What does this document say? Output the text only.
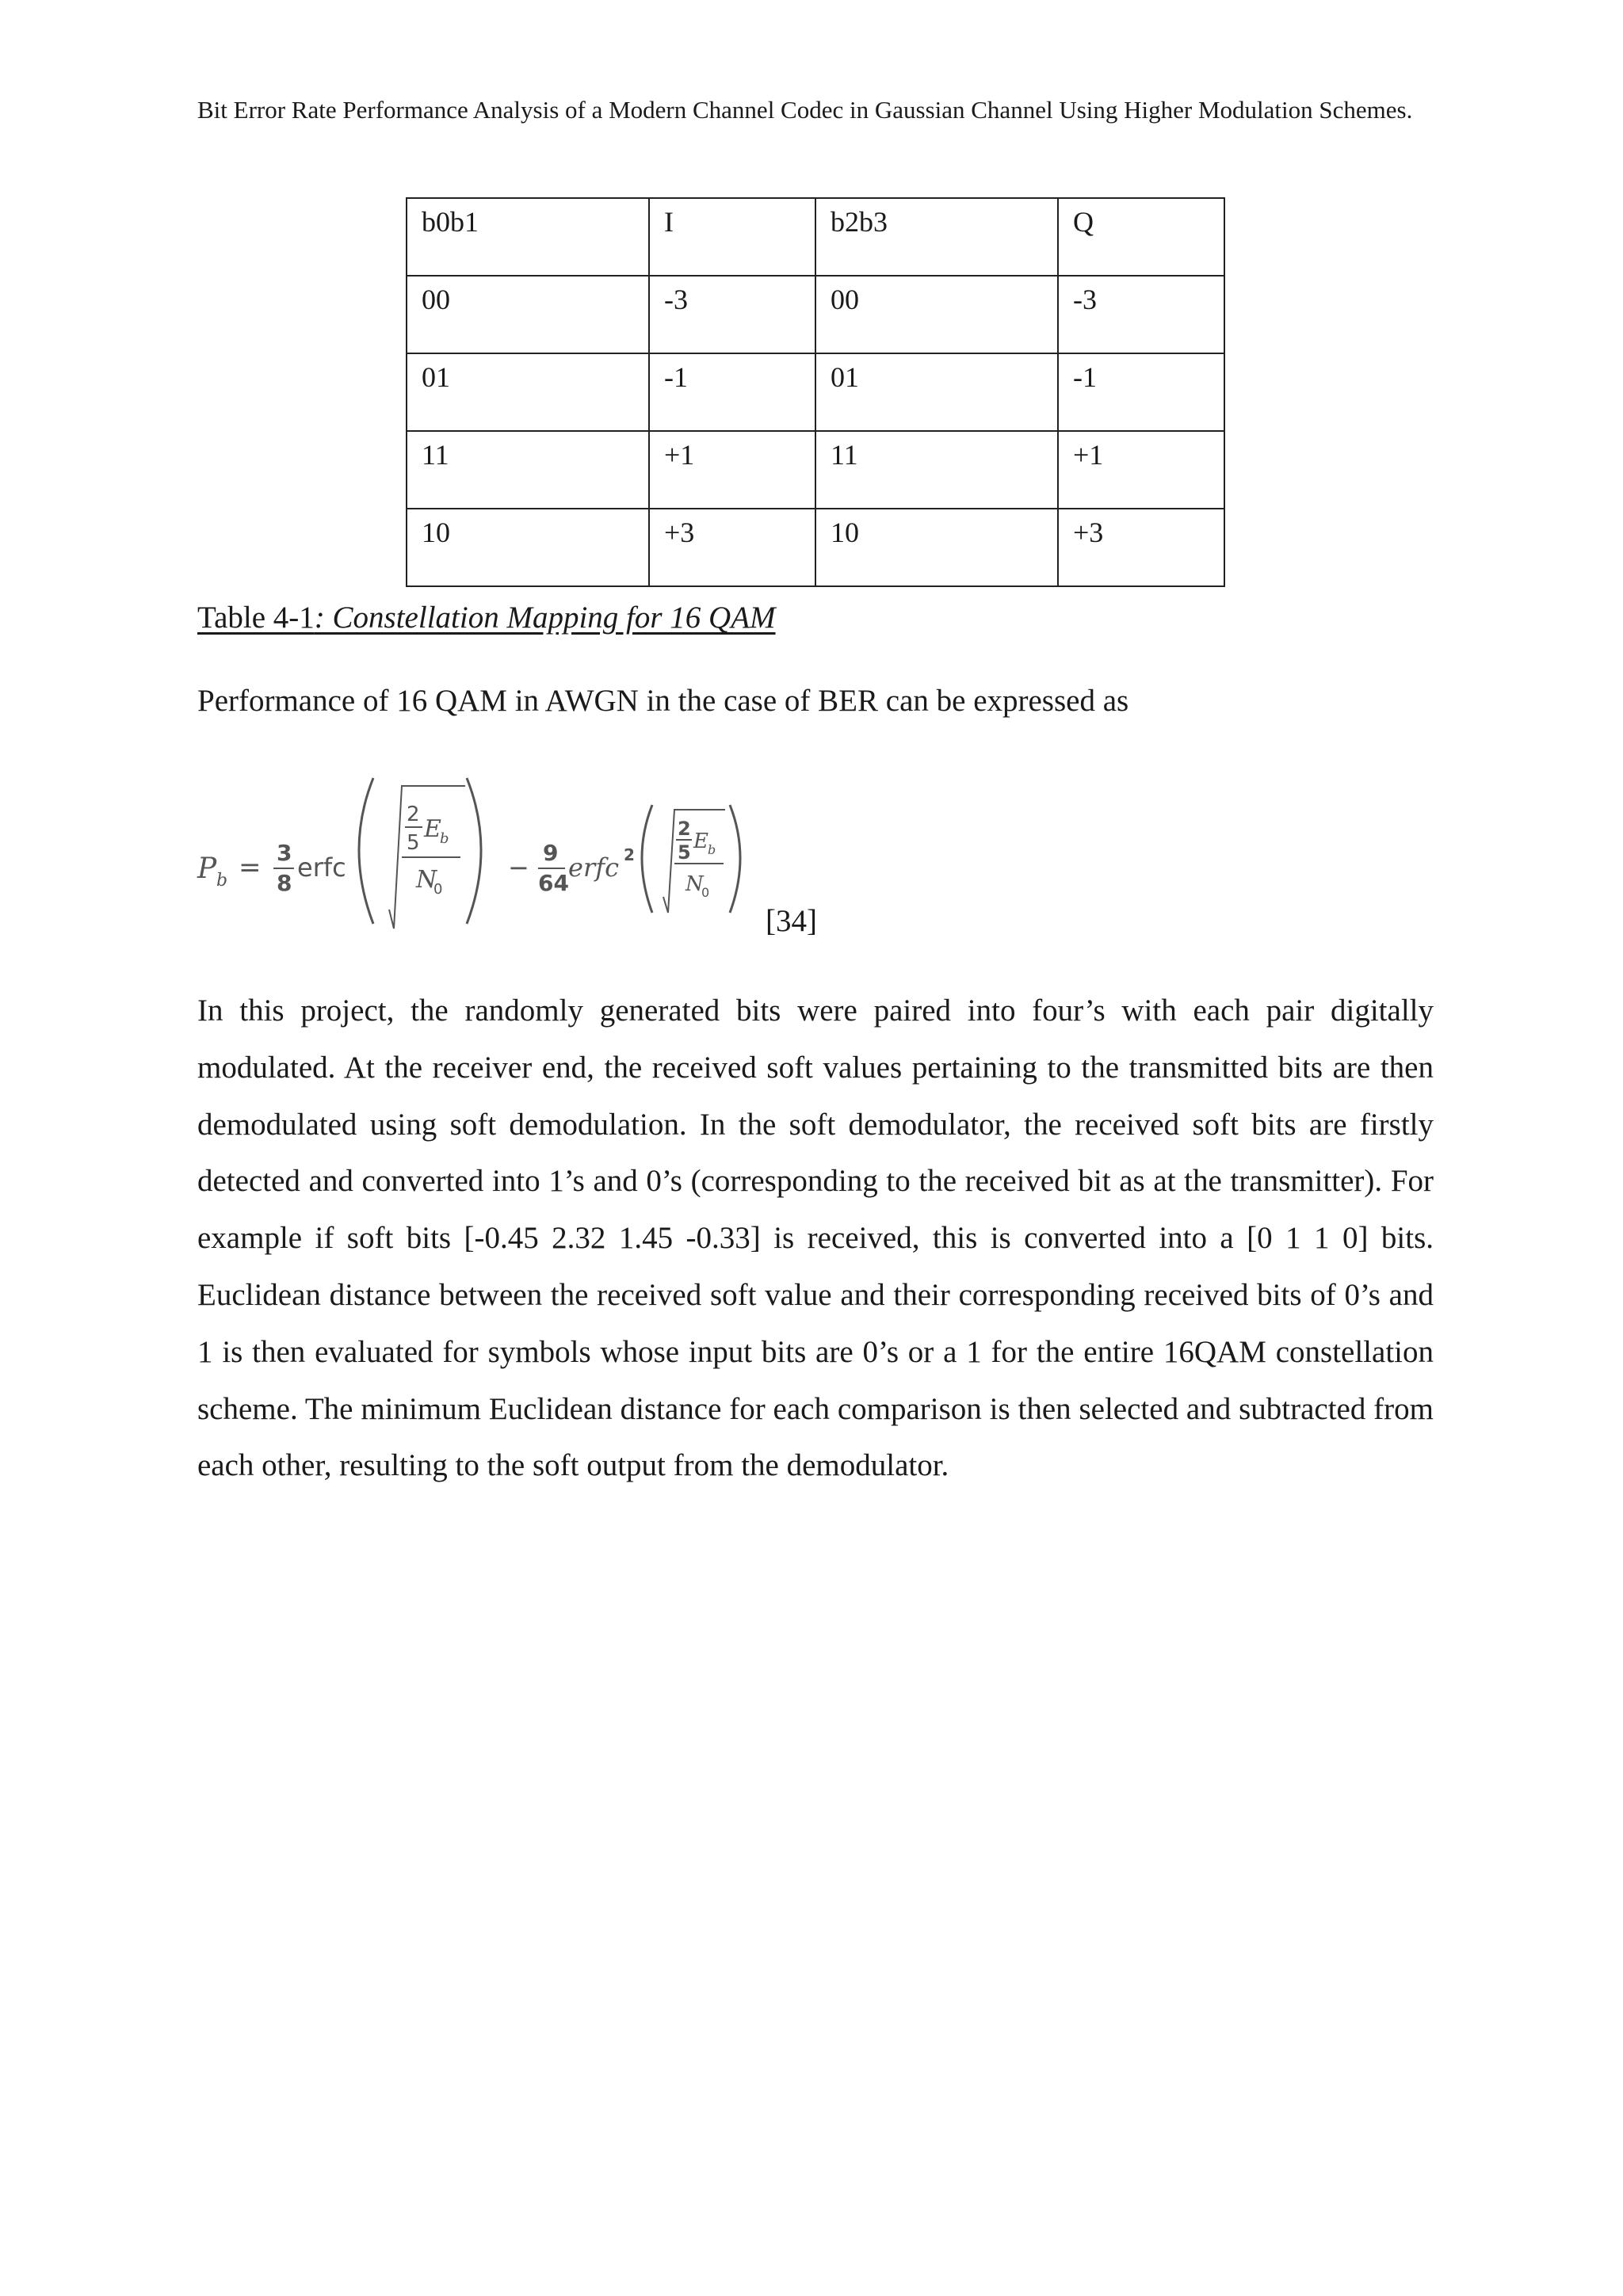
Bit Error Rate Performance Analysis of a Modern Channel Codec in Gaussian Channel Using Higher Modulation Schemes.
b0b1	I	b2b3	Q
00	-3	00	-3
01	-1	01	-1
11	+1	11	+1
10	+3	10	+3
Table 4-1: Constellation Mapping for 16 QAM
Performance of 16 QAM in AWGN in the case of BER can be expressed as
P b = 3
8
erfc
2
5 E
b
N
0
− 9
64
erfc 2
2
5 E b
N
0
[34]

In this project, the randomly generated bits were paired into four’s with each pair digitally modulated. At the receiver end, the received soft values pertaining to the transmitted bits are then demodulated using soft demodulation. In the soft demodulator, the received soft bits are firstly detected and converted into 1’s and 0’s (corresponding to the received bit as at the transmitter). For example if soft bits [-0.45 2.32 1.45 -0.33] is received, this is converted into a [0 1 1 0] bits. Euclidean distance between the received soft value and their corresponding received bits of 0’s and 1 is then evaluated for symbols whose input bits are 0’s or a 1 for the entire 16QAM constellation scheme. The minimum Euclidean distance for each comparison is then selected and subtracted from each other, resulting to the soft output from the demodulator.
